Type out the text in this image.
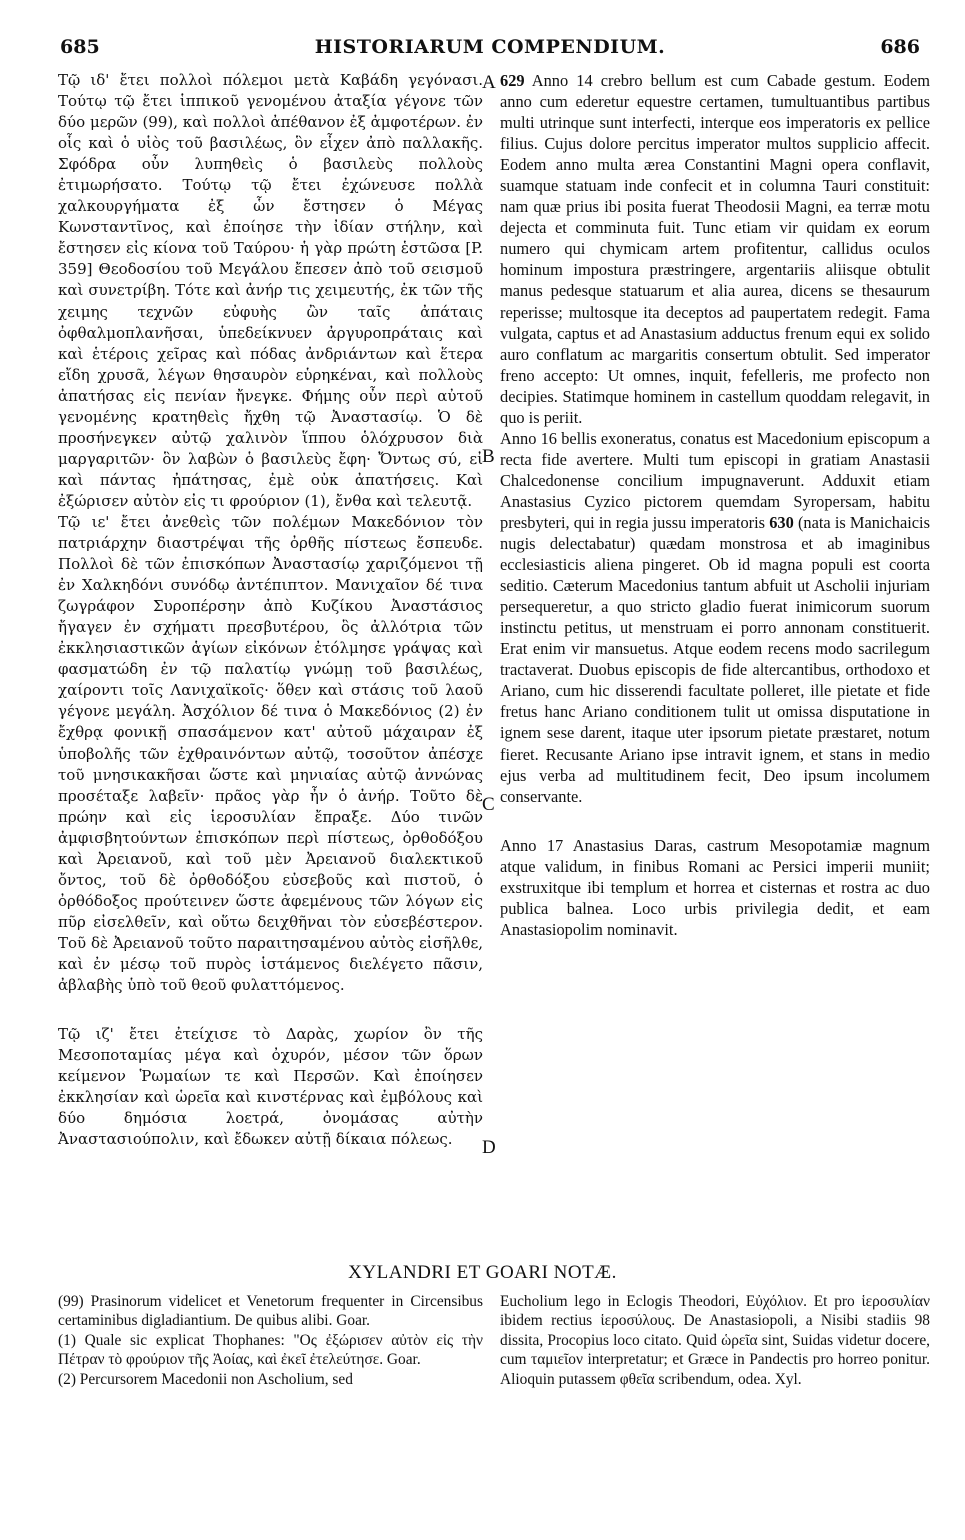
685	HISTORIARUM COMPENDIUM.	686

Τῷ ιδ' ἔτει πολλοὶ πόλεμοι μετὰ Καβάδη γεγόνασι. Τούτῳ τῷ ἔτει ἱππικοῦ γενομένου ἀταξία γέγονε τῶν δύο μερῶν (99), καὶ πολλοὶ ἀπέθανον ἐξ ἀμφοτέρων. ἐν οἷς καὶ ὁ υἱὸς τοῦ βασιλέως, ὃν εἶχεν ἀπὸ παλλακῆς. Σφόδρα οὖν λυπηθεὶς ὁ βασιλεὺς πολλοὺς ἐτιμωρήσατο. Τούτῳ τῷ ἔτει ἐχώνευσε πολλὰ χαλκουργήματα ἐξ ὧν ἔστησεν ὁ Μέγας Κωνσταντῖνος, καὶ ἐποίησε τὴν ἰδίαν στήλην, καὶ ἔστησεν εἰς κίονα τοῦ Ταύρου· ἡ γὰρ πρώτη ἑστῶσα [P. 359] Θεοδοσίου τοῦ Μεγάλου ἔπεσεν ἀπὸ τοῦ σεισμοῦ καὶ συνετρίβη. Τότε καὶ ἀνήρ τις χειμευτής, ἐκ τῶν τῆς χειμης τεχνῶν εὐφυὴς ὢν ταῖς ἀπάταις ὀφθαλμοπλανῆσαι, ὑπεδείκνυεν ἀργυροπράταις καὶ καὶ ἑτέροις χεῖρας καὶ πόδας ἀνδριάντων καὶ ἕτερα εἴδη χρυσᾶ, λέγων θησαυρὸν εὑρηκέναι, καὶ πολλοὺς ἀπατήσας εἰς πενίαν ἤνεγκε. Φήμης οὖν περὶ αὐτοῦ γενομένης κρατηθεὶς ἤχθη τῷ Ἀναστασίῳ. Ὁ δὲ προσήνεγκεν αὐτῷ χαλινὸν ἵππου ὁλόχρυσον διὰ μαργαριτῶν· ὃν λαβὼν ὁ βασιλεὺς ἔφη· Ὄντως σύ, εἰ καὶ πάντας ἠπάτησας, ἐμὲ οὐκ ἀπατήσεις. Καὶ ἐξώρισεν αὐτὸν εἰς τι φρούριον (1), ἔνθα καὶ τελευτᾷ.

Τῷ ιε' ἔτει ἀνεθεὶς τῶν πολέμων Μακεδόνιον τὸν πατριάρχην διαστρέψαι τῆς ὀρθῆς πίστεως ἔσπευδε. Πολλοὶ δὲ τῶν ἐπισκόπων Ἀναστασίῳ χαριζόμενοι τῇ ἐν Χαλκηδόνι συνόδῳ ἀντέπιπτον. Μανιχαῖον δέ τινα ζωγράφον Συροπέρσην ἀπὸ Κυζίκου Ἀναστάσιος ἤγαγεν ἐν σχήματι πρεσβυτέρου, ὃς ἀλλότρια τῶν ἐκκλησιαστικῶν ἁγίων εἰκόνων ἐτόλμησε γράψας καὶ φασματώδη ἐν τῷ παλατίῳ γνώμῃ τοῦ βασιλέως, χαίροντι τοῖς Λανιχαϊκοῖς· ὅθεν καὶ στάσις τοῦ λαοῦ γέγονε μεγάλη. Ἀσχόλιον δέ τινα ὁ Μακεδόνιος (2) ἐν ἔχθρᾳ φονικῇ σπασάμενον κατ' αὐτοῦ μάχαιραν ἐξ ὑποβολῆς τῶν ἐχθραινόντων αὐτῷ, τοσοῦτον ἀπέσχε τοῦ μνησικακῆσαι ὥστε καὶ μηνιαίας αὐτῷ ἀννώνας προσέταξε λαβεῖν· πρᾶος γὰρ ἦν ὁ ἀνήρ. Τοῦτο δὲ πρώην καὶ εἰς ἱεροσυλίαν ἔπραξε. Δύο τινῶν ἀμφισβητούντων ἐπισκόπων περὶ πίστεως, ὀρθοδόξου καὶ Ἀρειανοῦ, καὶ τοῦ μὲν Ἀρειανοῦ διαλεκτικοῦ ὄντος, τοῦ δὲ ὀρθοδόξου εὐσεβοῦς καὶ πιστοῦ, ὁ ὀρθόδοξος προύτεινεν ὥστε ἀφεμένους τῶν λόγων εἰς πῦρ εἰσελθεῖν, καὶ οὕτω δειχθῆναι τὸν εὐσεβέστερον. Τοῦ δὲ Ἀρειανοῦ τοῦτο παραιτησαμένου αὐτὸς εἰσῆλθε, καὶ ἐν μέσῳ τοῦ πυρὸς ἱστάμενος διελέγετο πᾶσιν, ἀβλαβὴς ὑπὸ τοῦ θεοῦ φυλαττόμενος.

Τῷ ιζ' ἔτει ἐτείχισε τὸ Δαρὰς, χωρίον ὂν τῆς Μεσοποταμίας μέγα καὶ ὀχυρόν, μέσον τῶν ὅρων κείμενον Ῥωμαίων τε καὶ Περσῶν. Καὶ ἐποίησεν ἐκκλησίαν καὶ ὡρεῖα καὶ κινστέρνας καὶ ἐμβόλους καὶ δύο δημόσια λοετρά, ὀνομάσας αὐτὴν Ἀναστασιούπολιν, καὶ ἔδωκεν αὐτῇ δίκαια πόλεως.

A
B
C
D

629 Anno 14 crebro bellum est cum Cabade gestum. Eodem anno cum ederetur equestre certamen, tumultuantibus partibus multi utrinque sunt interfecti, interque eos imperatoris ex pellice filius. Cujus dolore percitus imperator multos supplicio affecit. Eodem anno multa ærea Constantini Magni opera conflavit, suamque statuam inde confecit et in columna Tauri constituit: nam quæ prius ibi posita fuerat Theodosii Magni, ea terræ motu dejecta et comminuta fuit. Tunc etiam vir quidam ex eorum numero qui chymicam artem profitentur, callidus oculos hominum impostura præstringere, argentariis aliisque obtulit manus pedesque statuarum et alia aurea, dicens se thesaurum reperisse; multosque ita deceptos ad paupertatem redegit. Fama vulgata, captus et ad Anastasium adductus frenum equi ex solido auro conflatum ac margaritis consertum obtulit. Sed imperator freno accepto: Ut omnes, inquit, fefelleris, me profecto non decipies. Statimque hominem in castellum quoddam relegavit, in quo is periit.

Anno 16 bellis exoneratus, conatus est Macedonium episcopum a recta fide avertere. Multi tum episcopi in gratiam Anastasii Chalcedonense concilium impugnaverunt. Adduxit etiam Anastasius Cyzico pictorem quemdam Syropersam, habitu presbyteri, qui in regia jussu imperatoris 630 (nata is Manichaicis nugis delectabatur) quædam monstrosa et ab imaginibus ecclesiasticis aliena pingeret. Ob id magna populi est coorta seditio. Cæterum Macedonius tantum abfuit ut Ascholii injuriam persequeretur, a quo stricto gladio fuerat inimicorum suorum instinctu petitus, ut menstruam ei porro annonam constituerit. Erat enim vir mansuetus. Atque eodem recens modo sacrilegum tractaverat. Duobus episcopis de fide altercantibus, orthodoxo et Ariano, cum hic disserendi facultate polleret, ille pietate et fide fretus hanc Ariano conditionem tulit ut omissa disputatione in ignem sese darent, itaque uter ipsorum pietate præstaret, notum fieret. Recusante Ariano ipse intravit ignem, et stans in medio ejus verba ad multitudinem fecit, Deo ipsum incolumem conservante.

Anno 17 Anastasius Daras, castrum Mesopotamiæ magnum atque validum, in finibus Romani ac Persici imperii muniit; exstruxitque ibi templum et horrea et cisternas et rostra ac duo publica balnea. Loco urbis privilegia dedit, et eam Anastasiopolim nominavit.

XYLANDRI ET GOARI NOTÆ.

(99) Prasinorum videlicet et Venetorum frequenter in Circensibus certaminibus digladiantium. De quibus alibi. Goar.

(1) Quale sic explicat Thophanes: "Ος ἐξώρισεν αὐτὸν εἰς τὴν Πέτραν τὸ φρούριον τῆς Ἀοίας, καὶ ἐκεῖ ἐτελεύτησε. Goar.

(2) Percursorem Macedonii non Ascholium, sed

Eucholium lego in Eclogis Theodori, Εὐχόλιον. Et pro ἱεροσυλίαν ibidem rectius ἱεροσύλους. De Anastasiopoli, a Nisibi stadiis 98 dissita, Procopius loco citato. Quid ὡρεῖα sint, Suidas videtur docere, cum ταμιεῖον interpretatur; et Græce in Pandectis pro horreo ponitur. Alioquin putassem φθεῖα scribendum, odea. Xyl.
